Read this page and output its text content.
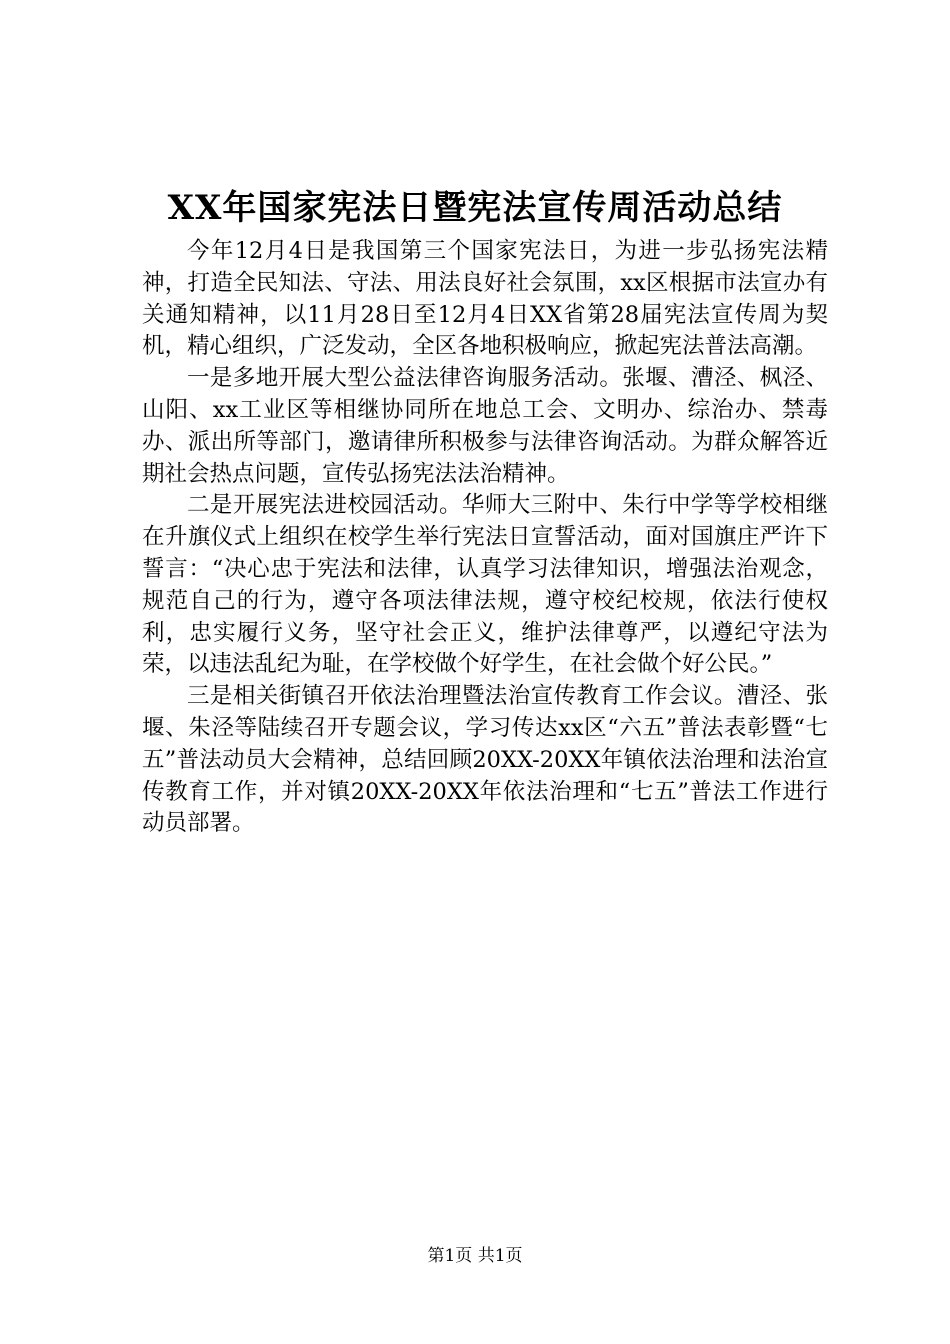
XX年国家宪法日暨宪法宣传周活动总结

今年12月4日是我国第三个国家宪法日，为进一步弘扬宪法精神，打造全民知法、守法、用法良好社会氛围，xx区根据市法宣办有关通知精神，以11月28日至12月4日XX省第28届宪法宣传周为契机，精心组织，广泛发动，全区各地积极响应，掀起宪法普法高潮。

一是多地开展大型公益法律咨询服务活动。张堰、漕泾、枫泾、山阳、xx工业区等相继协同所在地总工会、文明办、综治办、禁毒办、派出所等部门，邀请律所积极参与法律咨询活动。为群众解答近期社会热点问题，宣传弘扬宪法法治精神。

二是开展宪法进校园活动。华师大三附中、朱行中学等学校相继在升旗仪式上组织在校学生举行宪法日宣誓活动，面对国旗庄严许下誓言：“决心忠于宪法和法律，认真学习法律知识，增强法治观念，规范自己的行为，遵守各项法律法规，遵守校纪校规，依法行使权利，忠实履行义务，坚守社会正义，维护法律尊严，以遵纪守法为荣，以违法乱纪为耻，在学校做个好学生，在社会做个好公民。”

三是相关街镇召开依法治理暨法治宣传教育工作会议。漕泾、张堰、朱泾等陆续召开专题会议，学习传达xx区“六五”普法表彰暨“七五”普法动员大会精神，总结回顾20XX-20XX年镇依法治理和法治宣传教育工作，并对镇20XX-20XX年依法治理和“七五”普法工作进行动员部署。

第1页 共1页
